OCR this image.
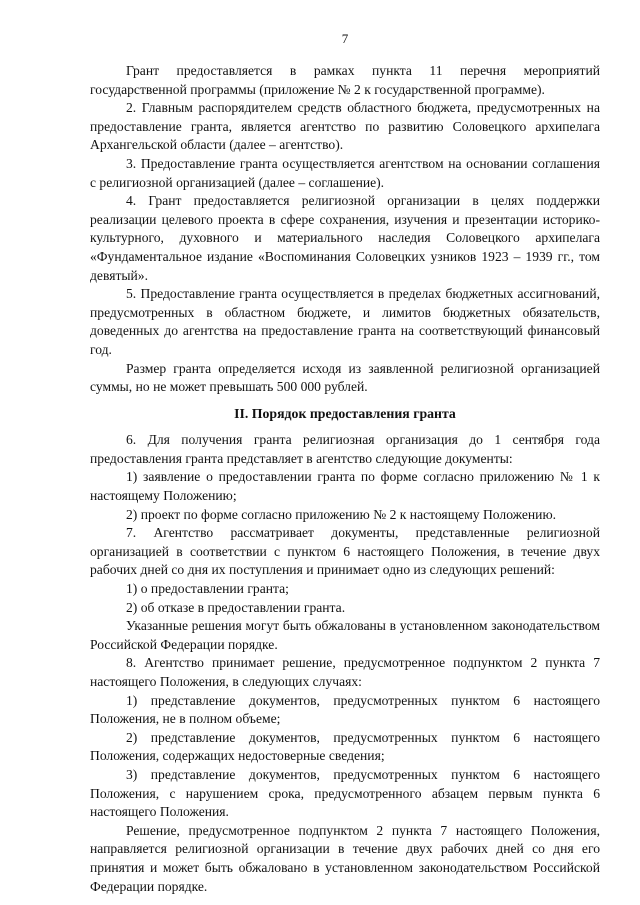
7

Грант предоставляется в рамках пункта 11 перечня мероприятий государственной программы (приложение № 2 к государственной программе).

2. Главным распорядителем средств областного бюджета, предусмотренных на предоставление гранта, является агентство по развитию Соловецкого архипелага Архангельской области (далее – агентство).

3. Предоставление гранта осуществляется агентством на основании соглашения с религиозной организацией (далее – соглашение).

4. Грант предоставляется религиозной организации в целях поддержки реализации целевого проекта в сфере сохранения, изучения и презентации историко-культурного, духовного и материального наследия Соловецкого архипелага «Фундаментальное издание «Воспоминания Соловецких узников 1923 – 1939 гг., том девятый».

5. Предоставление гранта осуществляется в пределах бюджетных ассигнований, предусмотренных в областном бюджете, и лимитов бюджетных обязательств, доведенных до агентства на предоставление гранта на соответствующий финансовый год.

Размер гранта определяется исходя из заявленной религиозной организацией суммы, но не может превышать 500 000 рублей.

II. Порядок предоставления гранта

6. Для получения гранта религиозная организация до 1 сентября года предоставления гранта представляет в агентство следующие документы:

1) заявление о предоставлении гранта по форме согласно приложению № 1 к настоящему Положению;

2) проект по форме согласно приложению № 2 к настоящему Положению.

7. Агентство рассматривает документы, представленные религиозной организацией в соответствии с пунктом 6 настоящего Положения, в течение двух рабочих дней со дня их поступления и принимает одно из следующих решений:

1) о предоставлении гранта;

2) об отказе в предоставлении гранта.

Указанные решения могут быть обжалованы в установленном законодательством Российской Федерации порядке.

8. Агентство принимает решение, предусмотренное подпунктом 2 пункта 7 настоящего Положения, в следующих случаях:

1) представление документов, предусмотренных пунктом 6 настоящего Положения, не в полном объеме;

2) представление документов, предусмотренных пунктом 6 настоящего Положения, содержащих недостоверные сведения;

3) представление документов, предусмотренных пунктом 6 настоящего Положения, с нарушением срока, предусмотренного абзацем первым пункта 6 настоящего Положения.

Решение, предусмотренное подпунктом 2 пункта 7 настоящего Положения, направляется религиозной организации в течение двух рабочих дней со дня его принятия и может быть обжаловано в установленном законодательством Российской Федерации порядке.
